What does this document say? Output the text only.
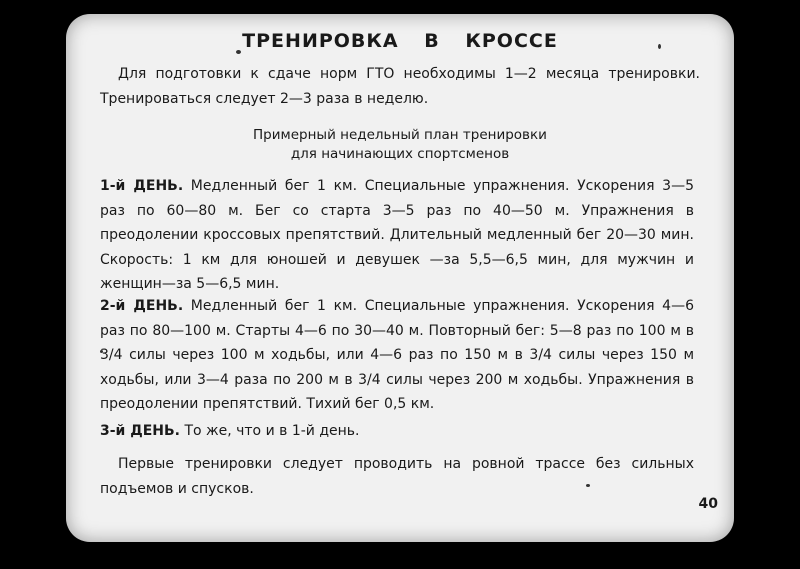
ТРЕНИРОВКА В КРОССЕ

Для подготовки к сдаче норм ГТО необходимы 1—2 месяца тренировки. Тренироваться следует 2—3 раза в неделю.

Примерный недельный план тренировки

для начинающих спортсменов

1-й ДЕНЬ. Медленный бег 1 км. Специальные упражнения. Ускорения 3—5 раз по 60—80 м. Бег со старта 3—5 раз по 40—50 м. Упражнения в преодолении кроссовых препятствий. Длительный медленный бег 20—30 мин. Скорость: 1 км для юношей и девушек —за 5,5—6,5 мин, для мужчин и женщин—за 5—6,5 мин.

2-й ДЕНЬ. Медленный бег 1 км. Специальные упражнения. Ускорения 4—6 раз по 80—100 м. Старты 4—6 по 30—40 м. Повторный бег: 5—8 раз по 100 м в 3/4 силы через 100 м ходьбы, или 4—6 раз по 150 м в 3/4 силы через 150 м ходьбы, или 3—4 раза по 200 м в 3/4 силы через 200 м ходьбы. Упражнения в преодолении препятствий. Тихий бег 0,5 км.

3-й ДЕНЬ. То же, что и в 1-й день.

Первые тренировки следует проводить на ровной трассе без сильных подъемов и спусков.

40
